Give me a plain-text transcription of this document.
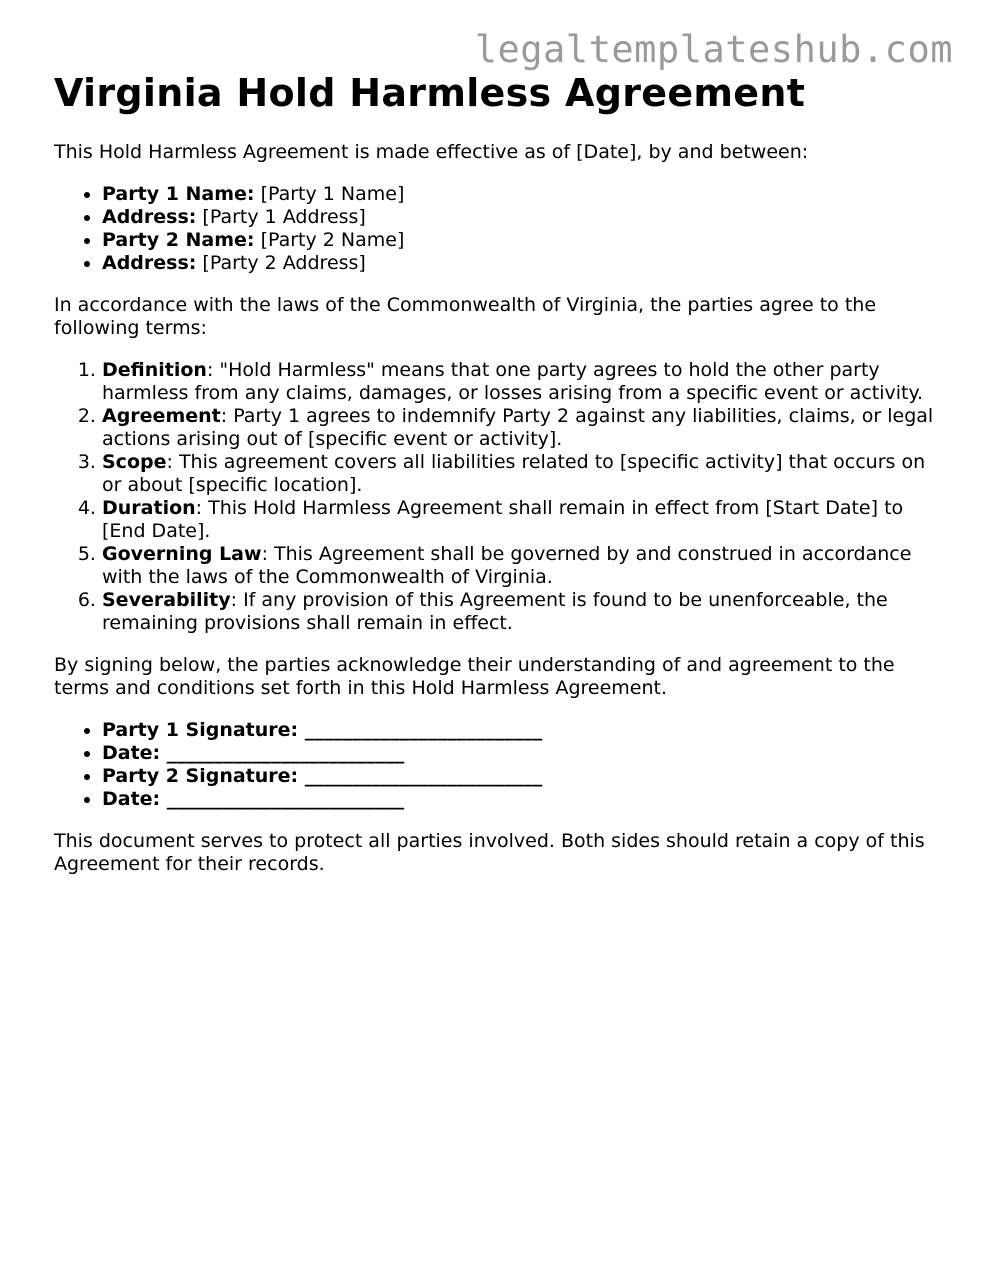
legaltemplateshub.com
Virginia Hold Harmless Agreement

This Hold Harmless Agreement is made effective as of [Date], by and between:

• Party 1 Name: [Party 1 Name]
• Address: [Party 1 Address]
• Party 2 Name: [Party 2 Name]
• Address: [Party 2 Address]

In accordance with the laws of the Commonwealth of Virginia, the parties agree to the following terms:

1. Definition: "Hold Harmless" means that one party agrees to hold the other party harmless from any claims, damages, or losses arising from a specific event or activity.
2. Agreement: Party 1 agrees to indemnify Party 2 against any liabilities, claims, or legal actions arising out of [specific event or activity].
3. Scope: This agreement covers all liabilities related to [specific activity] that occurs on or about [specific location].
4. Duration: This Hold Harmless Agreement shall remain in effect from [Start Date] to [End Date].
5. Governing Law: This Agreement shall be governed by and construed in accordance with the laws of the Commonwealth of Virginia.
6. Severability: If any provision of this Agreement is found to be unenforceable, the remaining provisions shall remain in effect.

By signing below, the parties acknowledge their understanding of and agreement to the terms and conditions set forth in this Hold Harmless Agreement.

• Party 1 Signature: _________________________
• Date: _________________________
• Party 2 Signature: _________________________
• Date: _________________________

This document serves to protect all parties involved. Both sides should retain a copy of this Agreement for their records.
